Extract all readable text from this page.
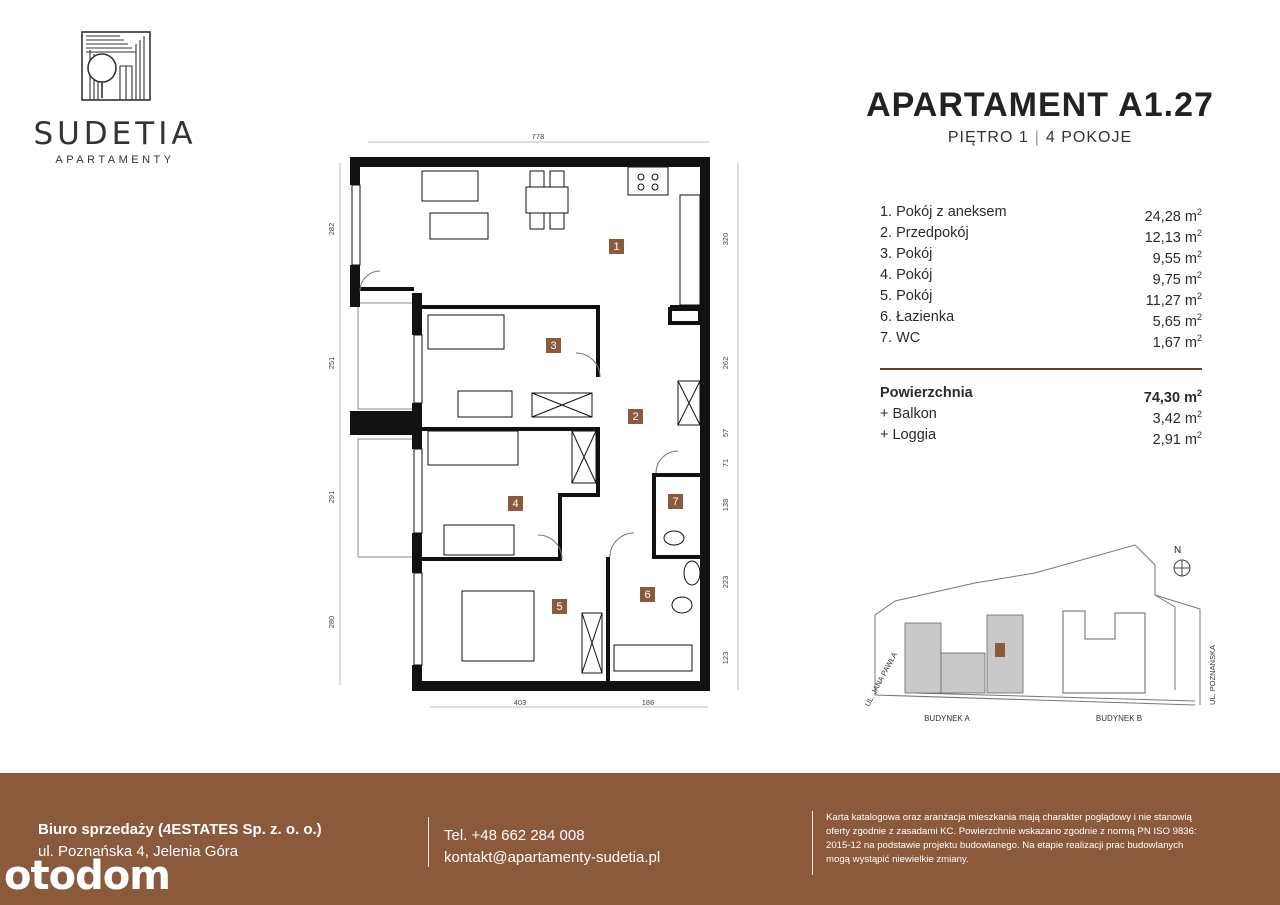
SUDETIA
APARTAMENTY
778
403	186
282
251
291
280
320
262
57
71
138
223
123
1
3
2
4
5
6
7
APARTAMENT A1.27
PIĘTRO 1 | 4 POKOJE
1. Pokój z aneksem	24,28 $m^2$
2. Przedpokój	12,13 $m^2$
3. Pokój	9,55 $m^2$
4. Pokój	9,75 $m^2$
5. Pokój	11,27 $m^2$
6. Łazienka	5,65 $m^2$
7. WC	1,67 $m^2$
Powierzchnia	74,30 $m^2$
+ Balkon	3,42 $m^2$
+ Loggia	2,91 $m^2$
N
UL. JANA PAWŁA	UL. POZNAŃSKA
BUDYNEK A	BUDYNEK B
Biuro sprzedaży (4ESTATES Sp. z. o. o.)
ul. Poznańska 4, Jelenia Góra
Tel. +48 662 284 008
kontakt@apartamenty-sudetia.pl
Karta katalogowa oraz aranżacja mieszkania mają charakter poglądowy i nie stanowią oferty zgodnie z zasadami KC. Powierzchnie wskazano zgodnie z normą PN ISO 9836: 2015-12 na podstawie projektu budowlanego. Na etapie realizacji prac budowlanych mogą wystąpić niewielkie zmiany.
otodom
